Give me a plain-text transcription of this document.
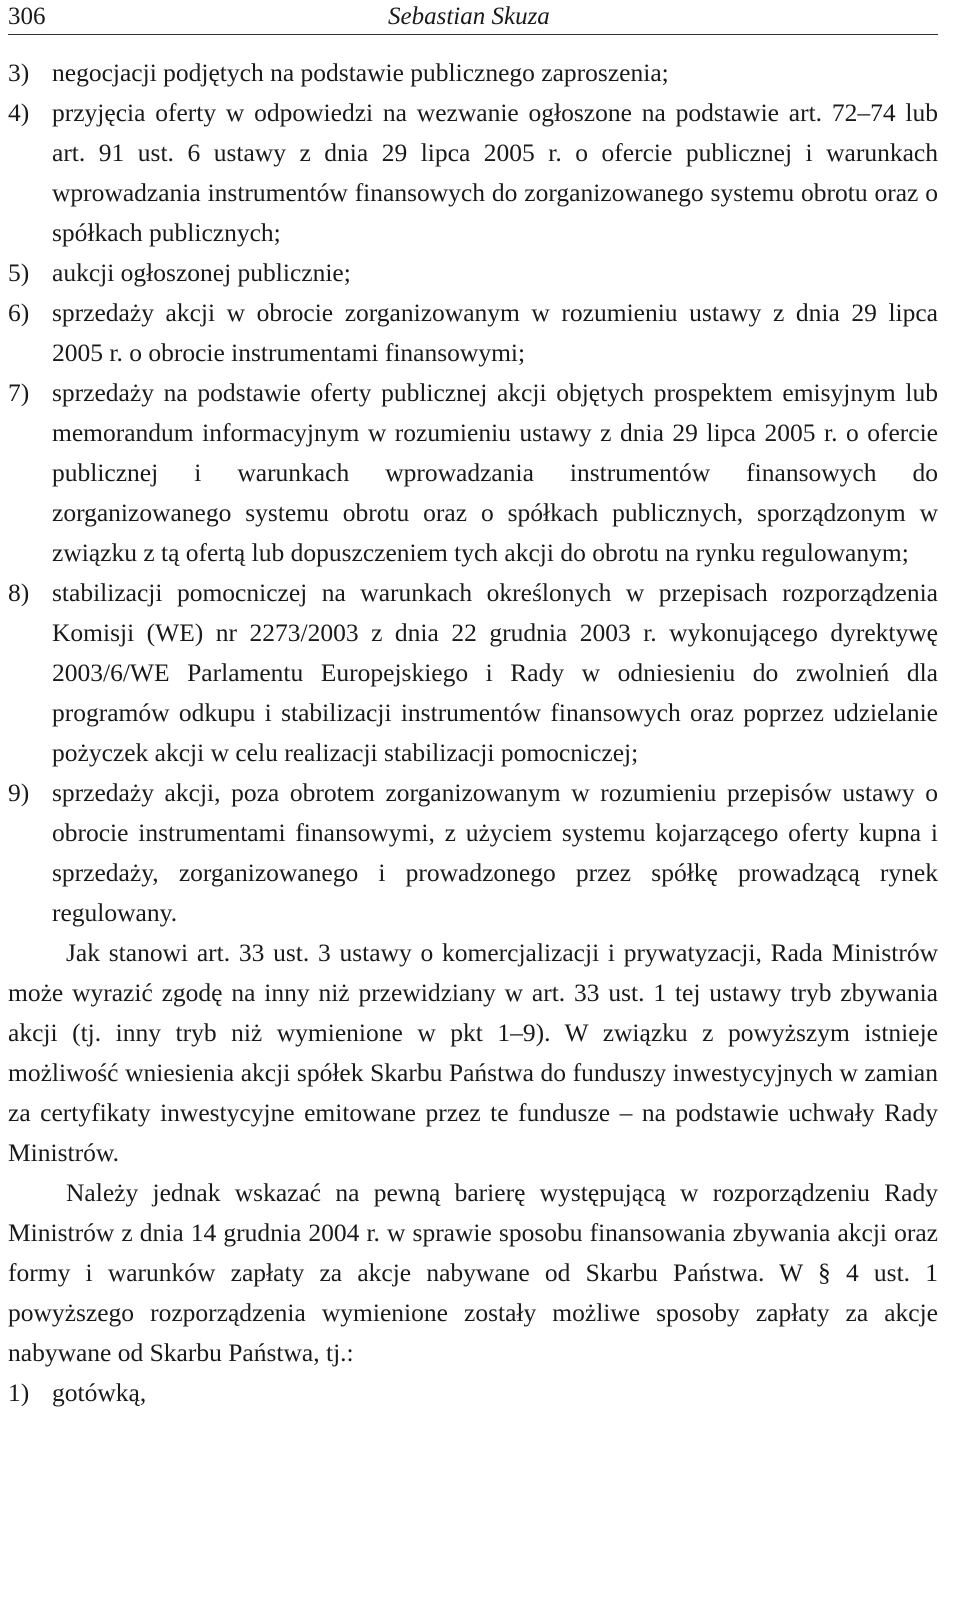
306	Sebastian Skuza
3) negocjacji podjętych na podstawie publicznego zaproszenia;
4) przyjęcia oferty w odpowiedzi na wezwanie ogłoszone na podstawie art. 72–74 lub art. 91 ust. 6 ustawy z dnia 29 lipca 2005 r. o ofercie publicznej i warunkach wprowadzania instrumentów finansowych do zorganizowanego systemu obrotu oraz o spółkach publicznych;
5) aukcji ogłoszonej publicznie;
6) sprzedaży akcji w obrocie zorganizowanym w rozumieniu ustawy z dnia 29 lipca 2005 r. o obrocie instrumentami finansowymi;
7) sprzedaży na podstawie oferty publicznej akcji objętych prospektem emisyjnym lub memorandum informacyjnym w rozumieniu ustawy z dnia 29 lipca 2005 r. o ofercie publicznej i warunkach wprowadzania instrumentów finansowych do zorganizowanego systemu obrotu oraz o spółkach publicznych, sporządzonym w związku z tą ofertą lub dopuszczeniem tych akcji do obrotu na rynku regulowanym;
8) stabilizacji pomocniczej na warunkach określonych w przepisach rozporządzenia Komisji (WE) nr 2273/2003 z dnia 22 grudnia 2003 r. wykonującego dyrektywę 2003/6/WE Parlamentu Europejskiego i Rady w odniesieniu do zwolnień dla programów odkupu i stabilizacji instrumentów finansowych oraz poprzez udzielanie pożyczek akcji w celu realizacji stabilizacji pomocniczej;
9) sprzedaży akcji, poza obrotem zorganizowanym w rozumieniu przepisów ustawy o obrocie instrumentami finansowymi, z użyciem systemu kojarzącego oferty kupna i sprzedaży, zorganizowanego i prowadzonego przez spółkę prowadzącą rynek regulowany.
Jak stanowi art. 33 ust. 3 ustawy o komercjalizacji i prywatyzacji, Rada Ministrów może wyrazić zgodę na inny niż przewidziany w art. 33 ust. 1 tej ustawy tryb zbywania akcji (tj. inny tryb niż wymienione w pkt 1–9). W związku z powyższym istnieje możliwość wniesienia akcji spółek Skarbu Państwa do funduszy inwestycyjnych w zamian za certyfikaty inwestycyjne emitowane przez te fundusze – na podstawie uchwały Rady Ministrów.
Należy jednak wskazać na pewną barierę występującą w rozporządzeniu Rady Ministrów z dnia 14 grudnia 2004 r. w sprawie sposobu finansowania zbywania akcji oraz formy i warunków zapłaty za akcje nabywane od Skarbu Państwa. W § 4 ust. 1 powyższego rozporządzenia wymienione zostały możliwe sposoby zapłaty za akcje nabywane od Skarbu Państwa, tj.:
1) gotówką,
